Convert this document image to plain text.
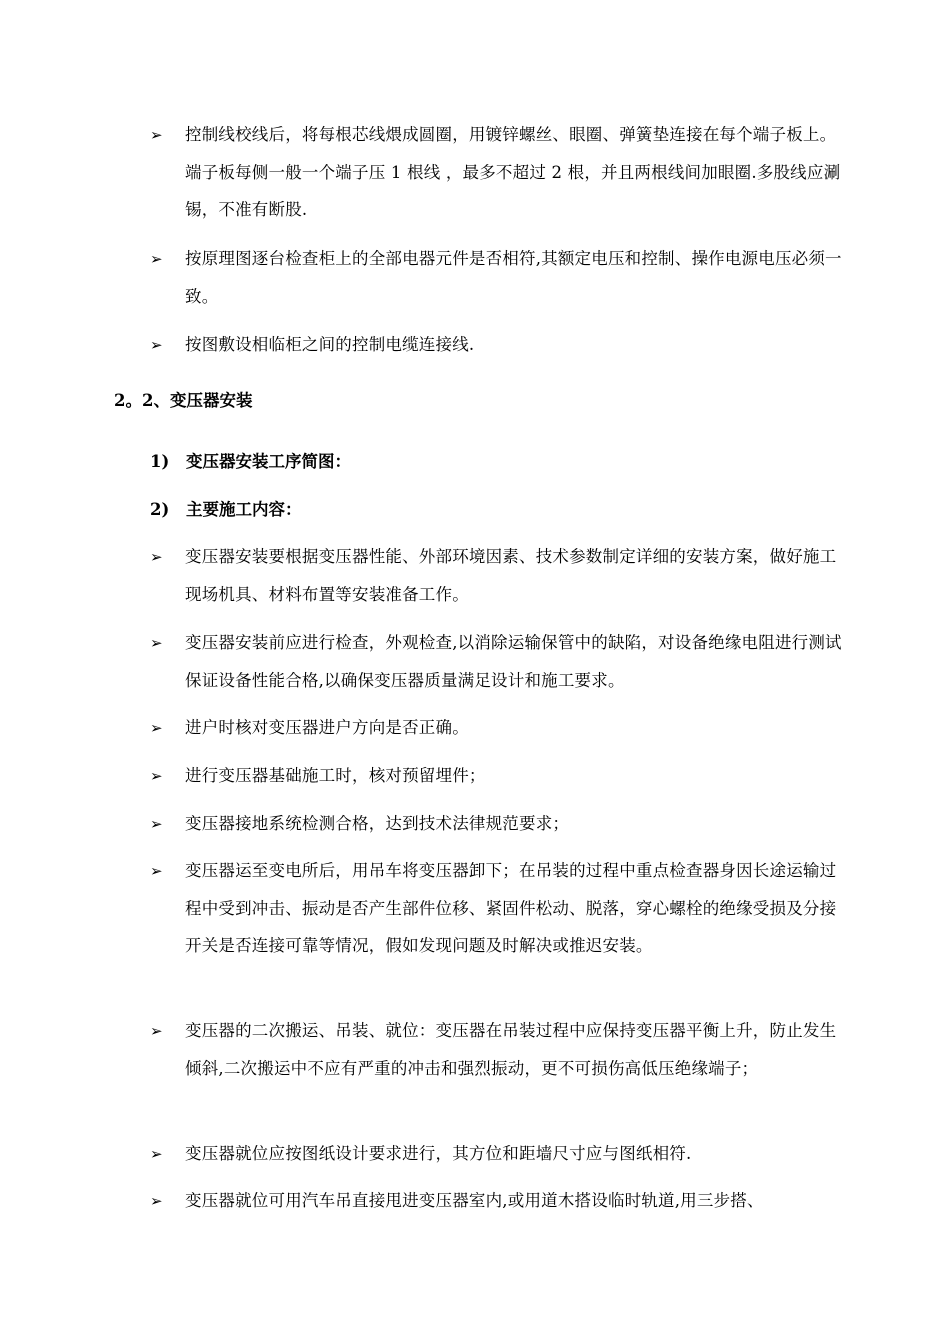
➢ 控制线校线后，将每根芯线煨成圆圈，用镀锌螺丝、眼圈、弹簧垫连接在每个端子板上。端子板每侧一般一个端子压 1 根线 ，最多不超过 2 根，并且两根线间加眼圈.多股线应涮锡，不准有断股.
➢ 按原理图逐台检查柜上的全部电器元件是否相符,其额定电压和控制、操作电源电压必须一致。
➢ 按图敷设相临柜之间的控制电缆连接线.
2。2、变压器安装
1) 变压器安装工序简图：
2) 主要施工内容：
➢ 变压器安装要根据变压器性能、外部环境因素、技术参数制定详细的安装方案，做好施工现场机具、材料布置等安装准备工作。
➢ 变压器安装前应进行检查，外观检查,以消除运输保管中的缺陷，对设备绝缘电阻进行测试保证设备性能合格,以确保变压器质量满足设计和施工要求。
➢ 进户时核对变压器进户方向是否正确。
➢ 进行变压器基础施工时，核对预留埋件；
➢ 变压器接地系统检测合格，达到技术法律规范要求；
➢ 变压器运至变电所后，用吊车将变压器卸下；在吊装的过程中重点检查器身因长途运输过程中受到冲击、振动是否产生部件位移、紧固件松动、脱落，穿心螺栓的绝缘受损及分接开关是否连接可靠等情况，假如发现问题及时解决或推迟安装。
➢ 变压器的二次搬运、吊装、就位：变压器在吊装过程中应保持变压器平衡上升，防止发生倾斜,二次搬运中不应有严重的冲击和强烈振动，更不可损伤高低压绝缘端子；
➢ 变压器就位应按图纸设计要求进行，其方位和距墙尺寸应与图纸相符.
➢ 变压器就位可用汽车吊直接甩进变压器室内,或用道木搭设临时轨道,用三步搭、
